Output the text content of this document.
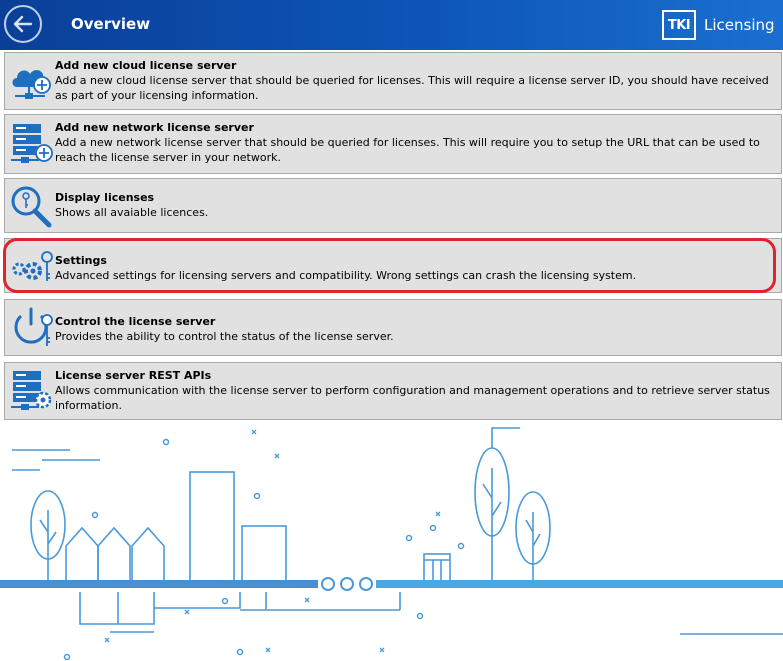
Overview	TKI Licensing
Add new cloud license server
Add a new cloud license server that should be queried for licenses. This will require a license server ID, you should have received as part of your licensing information.
Add new network license server
Add a new network license server that should be queried for licenses. This will require you to setup the URL that can be used to reach the license server in your network.
Display licenses
Shows all avaiable licences.
Settings
Advanced settings for licensing servers and compatibility. Wrong settings can crash the licensing system.
Control the license server
Provides the ability to control the status of the license server.
License server REST APIs
Allows communication with the license server to perform configuration and management operations and to retrieve server status information.
